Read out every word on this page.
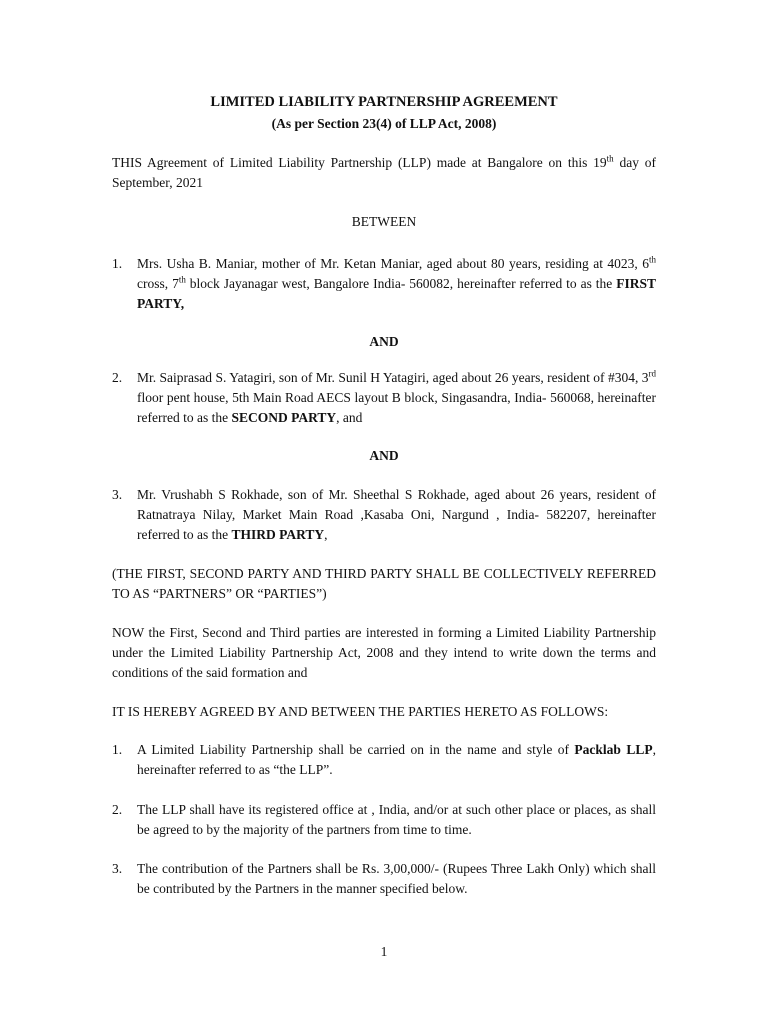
LIMITED LIABILITY PARTNERSHIP AGREEMENT
(As per Section 23(4) of LLP Act, 2008)
THIS Agreement of Limited Liability Partnership (LLP) made at Bangalore on this 19th day of September, 2021
BETWEEN
1. Mrs. Usha B. Maniar, mother of Mr. Ketan Maniar, aged about 80 years, residing at 4023, 6th cross, 7th block Jayanagar west, Bangalore India- 560082, hereinafter referred to as the FIRST PARTY,
AND
2. Mr. Saiprasad S. Yatagiri, son of Mr. Sunil H Yatagiri, aged about 26 years, resident of #304, 3rd floor pent house, 5th Main Road AECS layout B block, Singasandra, India- 560068, hereinafter referred to as the SECOND PARTY, and
AND
3. Mr. Vrushabh S Rokhade, son of Mr. Sheethal S Rokhade, aged about 26 years, resident of Ratnatraya Nilay, Market Main Road ,Kasaba Oni, Nargund , India- 582207, hereinafter referred to as the THIRD PARTY,
(THE FIRST, SECOND PARTY AND THIRD PARTY SHALL BE COLLECTIVELY REFERRED TO AS “PARTNERS” OR “PARTIES”)
NOW the First, Second and Third parties are interested in forming a Limited Liability Partnership under the Limited Liability Partnership Act, 2008 and they intend to write down the terms and conditions of the said formation and
IT IS HEREBY AGREED BY AND BETWEEN THE PARTIES HERETO AS FOLLOWS:
1. A Limited Liability Partnership shall be carried on in the name and style of Packlab LLP, hereinafter referred to as “the LLP”.
2. The LLP shall have its registered office at , India, and/or at such other place or places, as shall be agreed to by the majority of the partners from time to time.
3. The contribution of the Partners shall be Rs. 3,00,000/- (Rupees Three Lakh Only) which shall be contributed by the Partners in the manner specified below.
1
